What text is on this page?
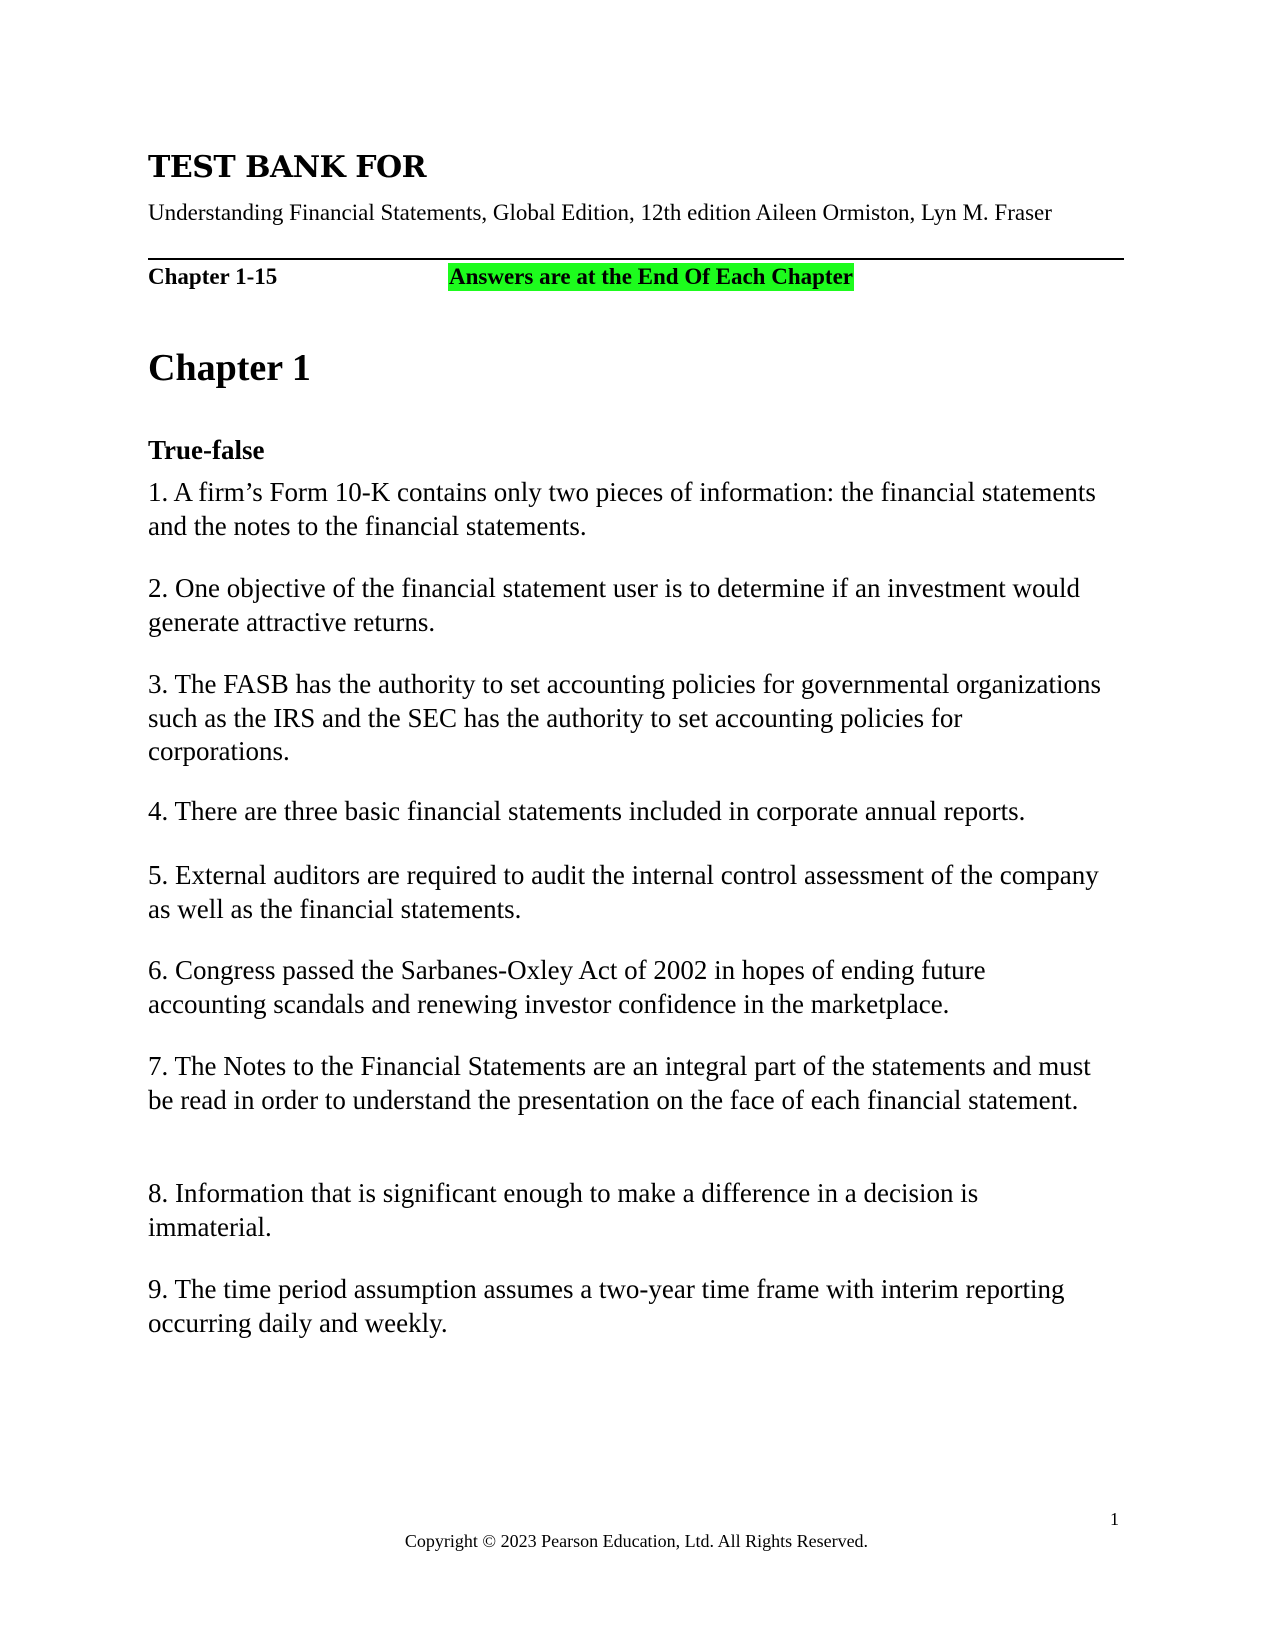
TEST BANK FOR
Understanding Financial Statements, Global Edition, 12th edition Aileen Ormiston, Lyn M. Fraser
Chapter 1-15	Answers are at the End Of Each Chapter
Chapter 1
True-false

1. A firm’s Form 10-K contains only two pieces of information: the financial statements and the notes to the financial statements.

2. One objective of the financial statement user is to determine if an investment would generate attractive returns.

3. The FASB has the authority to set accounting policies for governmental organizations such as the IRS and the SEC has the authority to set accounting policies for corporations.

4. There are three basic financial statements included in corporate annual reports.

5. External auditors are required to audit the internal control assessment of the company as well as the financial statements.

6. Congress passed the Sarbanes-Oxley Act of 2002 in hopes of ending future accounting scandals and renewing investor confidence in the marketplace.

7. The Notes to the Financial Statements are an integral part of the statements and must be read in order to understand the presentation on the face of each financial statement.

8. Information that is significant enough to make a difference in a decision is immaterial.

9. The time period assumption assumes a two-year time frame with interim reporting occurring daily and weekly.

1
Copyright © 2023 Pearson Education, Ltd. All Rights Reserved.
